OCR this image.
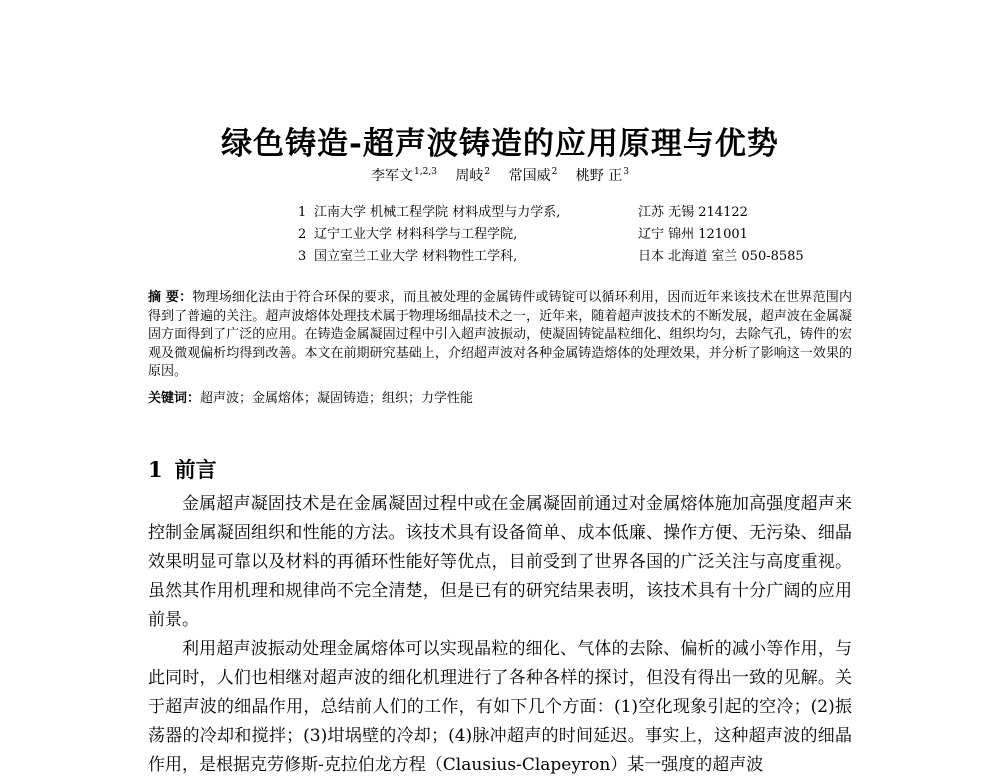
绿色铸造-超声波铸造的应用原理与优势
李军文$^{1,2,3}$ 周岐$^2$ 常国威$^2$ 桃野 正$^3$
1 江南大学 机械工程学院 材料成型与力学系,	江苏 无锡 214122
2 辽宁工业大学 材料科学与工程学院,	辽宁 锦州 121001
3 国立室兰工业大学 材料物性工学科,	日本 北海道 室兰 050-8585
摘 要：物理场细化法由于符合环保的要求，而且被处理的金属铸件或铸锭可以循环利用，因而近年来该技术在世界范围内得到了普遍的关注。超声波熔体处理技术属于物理场细晶技术之一，近年来，随着超声波技术的不断发展，超声波在金属凝固方面得到了广泛的应用。在铸造金属凝固过程中引入超声波振动，使凝固铸锭晶粒细化、组织均匀，去除气孔，铸件的宏观及微观偏析均得到改善。本文在前期研究基础上，介绍超声波对各种金属铸造熔体的处理效果，并分析了影响这一效果的原因。
关键词：超声波；金属熔体；凝固铸造；组织；力学性能
1 前言

金属超声凝固技术是在金属凝固过程中或在金属凝固前通过对金属熔体施加高强度超声来控制金属凝固组织和性能的方法。该技术具有设备简单、成本低廉、操作方便、无污染、细晶效果明显可靠以及材料的再循环性能好等优点，目前受到了世界各国的广泛关注与高度重视。虽然其作用机理和规律尚不完全清楚，但是已有的研究结果表明，该技术具有十分广阔的应用前景。

利用超声波振动处理金属熔体可以实现晶粒的细化、气体的去除、偏析的减小等作用，与此同时，人们也相继对超声波的细化机理进行了各种各样的探讨，但没有得出一致的见解。关于超声波的细晶作用，总结前人们的工作，有如下几个方面：(1)空化现象引起的空冷；(2)振荡器的冷却和搅拌；(3)坩埚壁的冷却；(4)脉冲超声的时间延迟。事实上，这种超声波的细晶作用，是根据克劳修斯-克拉伯龙方程（Clausius-Clapeyron）某一强度的超声波
